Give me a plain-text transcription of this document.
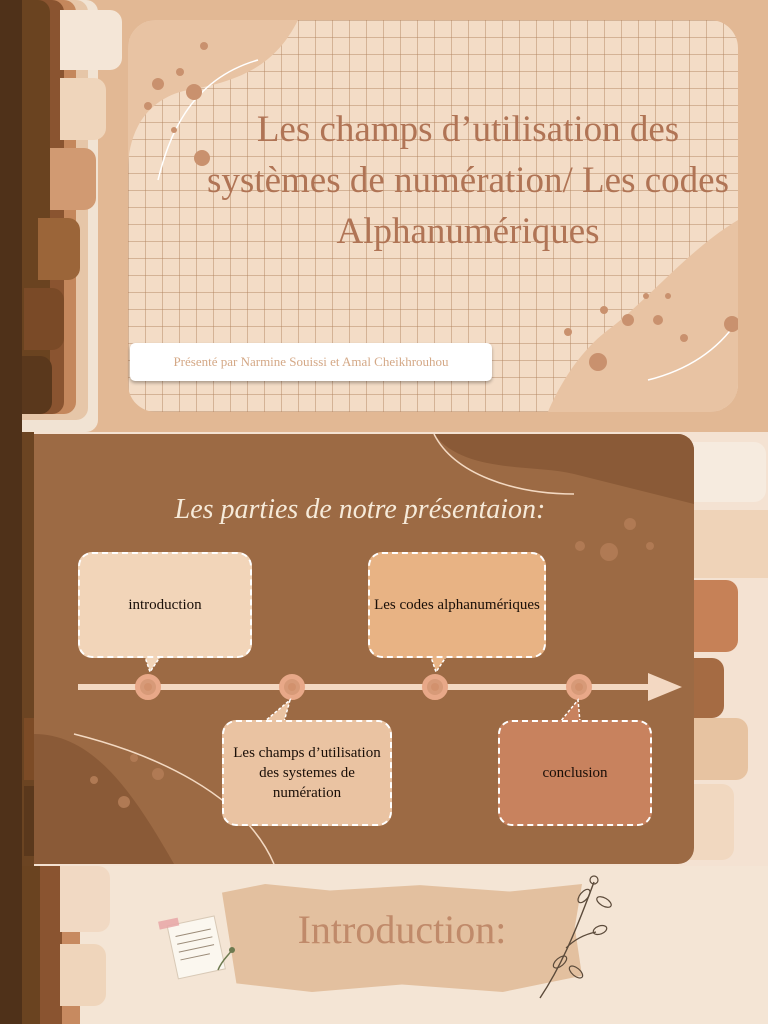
Les champs d’utilisation des systèmes de numération/ Les codes Alphanumériques
Présenté par Narmine Souissi et Amal Cheikhrouhou
Les parties de notre présentaion:
introduction
Les champs d’utilisation des systemes de numération
Les codes alphanumériques
conclusion
Introduction:
